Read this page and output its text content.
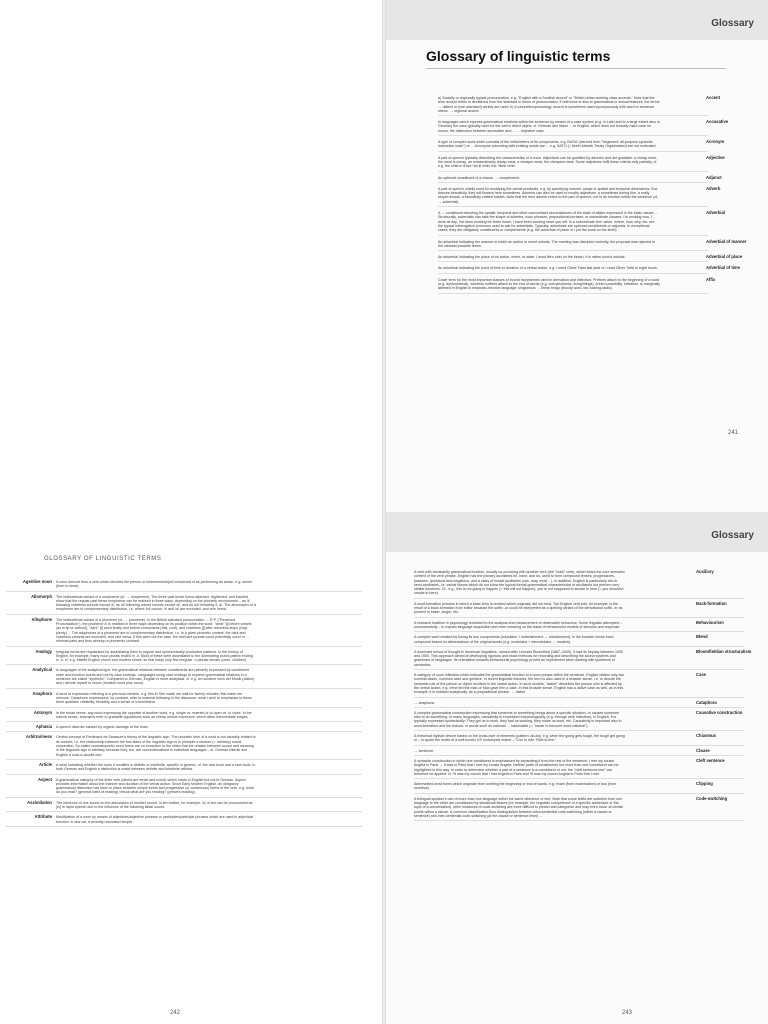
Glossary
Glossary of linguistic terms
Accent
a) Socially or regionally typical pronunciation, e.g. "English with a Scottish accent" or "British urban working class accents." Note that the term accent refers to deviations from the standard in terms of pronunciation; if reference is also to grammatical or lexical features, the terms → dialect or (non-standard) variety are used. b) In phonetics/phonology, accent is sometimes used synonymously with word or sentence stress. → regional accent.
Accusative
In languages which express grammatical relations within the sentence by means of a case system (e.g. in Latin and to a large extent also in German) the case typically used for the verb's direct object, cf. German den Mann ... In English, which does not formally mark case on nouns, the distinction between accusative and ... → objective case.
Acronym
A type of complex word which consists of the initial letters of its components, e.g. BASIC (derived from "beginners' all-purpose symbolic instruction code") or ... Acronyms coinciding with existing words are ... e.g. NATO (= North Atlantic Treaty Organisation) are not motivated.
Adjective
A part of speech typically describing the characteristics of a noun. Adjectives can be qualified by adverbs and are gradable: a cheap meal, the meal is cheap, an extraordinarily cheap meal, a cheaper meal, the cheapest meal. Some adjectives fulfil these criteria only partially, cf. e.g. the child is ill but *an ill child, the *illest child.
Adjunct
An optional constituent of a clause. → complement.
Adverb
A part of speech chiefly used for modifying the verbal predicate, e.g. by specifying manner, cause or spatial and temporal dimensions: Sue dances beautifully, they will flowers here sometimes. Adverbs can also be used to modify adjectives: a sometimes boring film, a really stupid remark, a beautifully crafted basket. Note that the term adverb refers to the part of speech, not to its function within the sentence (cf. → adverbial).
Adverbial
A → constituent denoting the spatial, temporal and other concomitant circumstances of the state of affairs expressed in the basic clause ... Structurally, adverbials can take the shape of adverbs, noun phrases, prepositional phrases, or subordinate clauses: I'm working now, I work all day, I've been working for three hours, I have been working since you left. In a subordinate text, when, where, how, why, etc. are the typical interrogative pronouns used to ask for adverbials. Typically, adverbials are optional constituents or adjuncts. In exceptional cases, they are obligatory constituents or complements (e.g. the adverbial of place in I put the book on the shelf).
Adverbial of manner
An adverbial indicating the manner in which an action or event unfolds: The meeting was disrupted violently, the proposal was rejected in the clearest possible terms.
Adverbial of place
An adverbial indicating the place of an action, event, or state: I must file's shirt on the beach, it is rather humid outside.
Adverbial of time
An adverbial indicating the point of time or duration of a verbal action, e.g. I need Oliver Twist last year or I read Oliver Twist in eight hours.
Affix
Cover term for the most important classes of bound morphemes used in derivation and inflection. Prefixes attach to the beginning of a word (e.g. dysfunctional), whereas suffixes attach to the end of words (e.g. worrybusiness, living/things). A third possibility, infixation, is marginally attested in English in emphatic-emotive language: kingamous → these bingo (bloody word, fan-fucking-tastic).
241
GLOSSARY OF LINGUISTIC TERMS
Agentive noun A noun derived from a verb which denotes the person or instrument/object conceived of as performing an action, e.g. sinner (from to sinar).
Allomorph The realisational variant of a morpheme (cf. → morpheme). The three past tense forms attacked, frightened, and insulted show that the regular past tense morpheme can be realised in three ways, depending on the phonetic environment – as /t/ following voiceless sounds except /t/, as /d/ following voiced sounds except /d/, and as /ɪd/ following /t, d/. The allomorphs of a morpheme are in complementary distribution, i.e. where /id/ occurs, /t/ and /d/ are excluded, and vice versa.
Allophone The realisational variant of a phoneme (cf. → phoneme). In the British standard pronunciation → R.P. ("Received Pronunciation"), the phoneme /l/ is realised in three ways depending on its position within the word: "clear" [l] before vowels (as in lip or without), "dark" [ɫ] word finally and before consonants (ball, cold), and voiceless [l̥] after voiceless stops (clap, plenty) ... The allophones of a phoneme are in complementary distribution, i.e. in a given phonetic context, the dark and voiceless variants are excluded, and vice versa. If this were not the case, the relevant sounds could potentially occur in → minimal pairs and thus develop a phonemic contrast.
Analogy Irregular forms are regularised by assimilating them to regular and synchronically productive patterns. In the history of English, for example, many noun plurals ended in -n. Most of these were assimilated to the dominating plural pattern ending in -s, cf. e.g. Middle English shoon and modern shoes, so that today only few irregular -n plurals remain (oxen, children).
Analytical In languages of the analytical type, the grammatical relations between constituents are primarily expressed by constituent order and function words and not by case endings. Languages using case endings to express grammatical relations in a sentence are called "synthetic". Compared to German, English is more analytical, cf. e.g. ich schäme mich der Musik (dative) and I devote myself to music (function word plus noun).
Anaphora A word or expression referring to a previous mention, e.g. this in She made me wait for twenty minutes; this made me nervous. Cataphoric expressions, by contrast, refer to material following in the discourse: what I wish to emphasize is these three qualities: reliability, flexibility and a sense of commitment.
Antonym In the broad sense, any word expressing the opposite of another word, e.g. single vs. married or to open vs. to close. In the narrow sense, antonyms refer to gradable oppositions such as cheap versus expensive, which allow intermediate stages.
Aphasia A speech disorder caused by organic damage of the brain.
Arbitrariness Central concept of Ferdinand de Saussure's theory of the linguistic sign. The phonetic form of a word is not causally related to its content, i.e. the relationship between the two sides of the linguistic sign is in principle a random (= arbitrary) social convention. So-called onomatopoetic word forms are no exception to the claim that the relation between sound and meaning in the linguistic sign is arbitrary because they, too, are conventionalised in individual languages – cf. German kikeriki and English a cock-a-doodle-doo.
Article A word indicating whether the noun it modifies is definite or indefinite, specific or generic, cf. the new book and a new book. In both German and English a distinction is made between definite and indefinite articles.
Aspect A grammatical category of the finite verb (others are tense and mood) which exists in English but not in German. Aspect provides information about the manner and duration of the verbal action. Since Early Modern English, an obligatory grammatical distinction has been in place between simple forms and progressive (or continuous) forms of the verb, e.g. what do you read? (general habit of reading) versus what are you reading? (present reading).
Assimilation The influence of one sound on the articulation of another sound. In ten bottles, for example, /n/ in ten can be pronounced as [m] in rapid speech due to the influence of the following labial sound.
Attribute Modification of a noun by means of adjectives/adjective phrases or participles/participle phrases which are used in adjectival function: a new car, a recently renovated temple.
242
Glossary
Auxiliary
A verb with dominantly grammatical function, usually co-occurring with another verb (the "main" verb), which bears the core semantic content of the verb phrase. English has the primary auxiliaries be, have, and do, used to form compound tenses, progressives, passives, questions and negations, and a class of modal auxiliaries (can, may, must ...). In addition, English is particularly rich in semi-auxiliaries, i.e. verbal idioms which do not show the typical formal-grammatical characteristics of auxiliaries but perform very similar functions. Cf., e.g., this is not going to happen (= this will not happen), you're not supposed to smoke in here (= you shouldn't smoke in here).
Back-formation
A word-formation process in which a base-form is created which originally did not exist. The English verb edit, for example, is the result of a back-formation from editor because the suffix -or could be interpreted as a spelling variant of the derivational suffix -er as present in baker, singer, etc.
Behaviourism
A research tradition in psychology restricted to the analysis and measurement of observable behaviour. Some linguists attempted – unsuccessfully – to explain language acquisition and even meaning on the basis of behaviourist models of stimulus and response.
Blend
A complex word created by fusing its two components (education + entertainment → edutainment). In the broader sense each compound based on abbreviations of the original words (e.g. modulator + demodulator → modem).
Bloomfieldian structuralism
A dominant school of thought in American linguistics, named after Leonard Bloomfield (1887–1949). It had its heyday between 1930 and 1950. This approach aimed at developing rigorous and exact methods for recording and describing the sound systems and grammars of languages. Its orientation towards behaviourist psychology proved an impediment when dealing with questions of semantics.
Case
A category of noun inflection which indicates the grammatical function of a noun phrase within the sentence. English retains only two nominal cases, common case and genitive. In recent linguistic theories, the term is also used in a broader sense, i.e. to denote the semantic role of the person or object involved in the verbal action. In such models, "dative" describes the person who is affected by the verbal action, e.g. Irene fed the man or Max gave him a cake. In this broader sense, English has a dative case as well, as in this example, it is realised analytically, as a prepositional phrase. → dative
Cataphora
→ anaphora.
Causative construction
A complex grammatical construction expressing that someone or something brings about a specific situation, or causes someone else to do something. In many languages, causativity is expressed morphologically (e.g. through verb inflection); in English, it is typically expressed syntactically: They got us to work, they had us working, they made us work, etc. Causativity is important also in word-formation and the lexicon, in words such as national → nationalise (= "cause to become more national").
Chiasmus
A rhetorical stylistic device based on the cross-over of elements (pattern: ab-ba), e.g. when the going gets tough, the tough get going or – to quote the motto of a well-known US motorcycle maker – "Live to ride. Ride to live."
Clause
→ sentence.
Cleft sentence
A syntactic construction in which one constituent is emphasised by separating it from the rest of the sentence: I met my cousin Angela in Paris → It was in Paris that I met my cousin Angela. Neither parts of constituents nor more than one constituent can be highlighted in this way. In order to determine whether a part of a sentence is a constituent or not, the "cleft sentence test" can therefore be applied: cf. *It was my cousin that I met Angela in Paris and *It was my cousin Angela in Paris that I met.
Clipping
Abbreviated word forms which originate from omitting the beginning or end of words, e.g. exam (from examination) or bus (from omnibus).
Code-switching
A bilingual speaker's use of more than one language within the same utterance or text. Note that some shifts are switches from one language to the other are conditioned by situational factors (for example, the linguistic competence of a specific addressee or the topic of a conversation), other instances of code-switching are more difficult to predict and categorise and may even occur at certain points within a clause. A common classification thus distinguishes between intra-sentential code-switching (within a clause or sentence) and inter-sentential code-switching (at the clause or sentence level) ...
243
